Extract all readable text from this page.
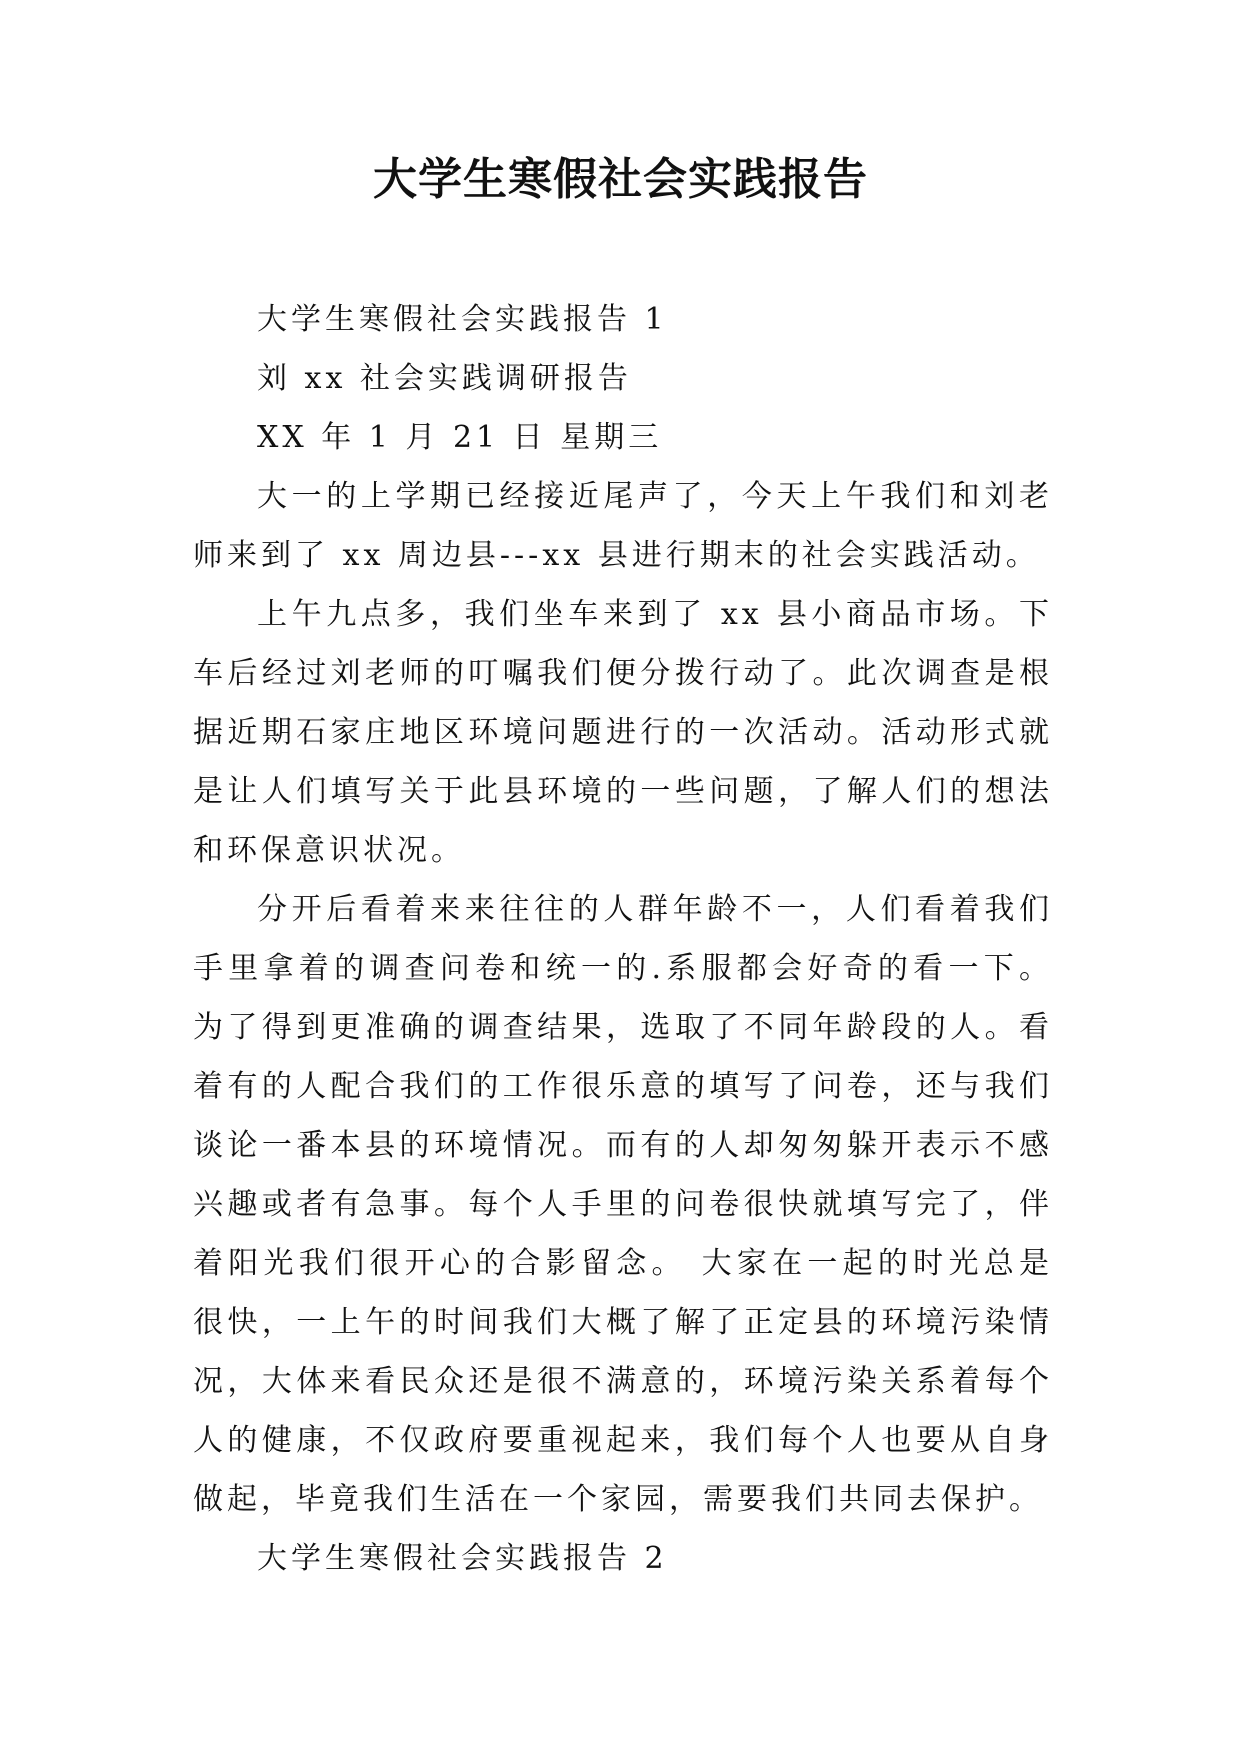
大学生寒假社会实践报告

大学生寒假社会实践报告 1

刘 xx 社会实践调研报告

XX 年 1 月 21 日 星期三

大一的上学期已经接近尾声了，今天上午我们和刘老师来到了 xx 周边县---xx 县进行期末的社会实践活动。

上午九点多，我们坐车来到了 xx 县小商品市场。下车后经过刘老师的叮嘱我们便分拨行动了。此次调查是根据近期石家庄地区环境问题进行的一次活动。活动形式就是让人们填写关于此县环境的一些问题，了解人们的想法和环保意识状况。

分开后看着来来往往的人群年龄不一，人们看着我们手里拿着的调查问卷和统一的.系服都会好奇的看一下。为了得到更准确的调查结果，选取了不同年龄段的人。看着有的人配合我们的工作很乐意的填写了问卷，还与我们谈论一番本县的环境情况。而有的人却匆匆躲开表示不感兴趣或者有急事。每个人手里的问卷很快就填写完了，伴着阳光我们很开心的合影留念。 大家在一起的时光总是很快，一上午的时间我们大概了解了正定县的环境污染情况，大体来看民众还是很不满意的，环境污染关系着每个人的健康，不仅政府要重视起来，我们每个人也要从自身做起，毕竟我们生活在一个家园，需要我们共同去保护。

大学生寒假社会实践报告 2
